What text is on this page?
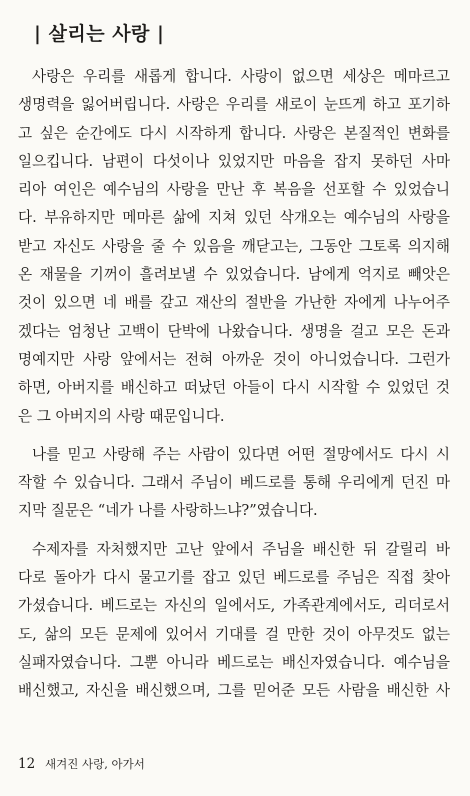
| 살리는 사랑 |
사랑은 우리를 새롭게 합니다. 사랑이 없으면 세상은 메마르고
생명력을 잃어버립니다. 사랑은 우리를 새로이 눈뜨게 하고 포기하
고 싶은 순간에도 다시 시작하게 합니다. 사랑은 본질적인 변화를
일으킵니다. 남편이 다섯이나 있었지만 마음을 잡지 못하던 사마
리아 여인은 예수님의 사랑을 만난 후 복음을 선포할 수 있었습니
다. 부유하지만 메마른 삶에 지쳐 있던 삭개오는 예수님의 사랑을
받고 자신도 사랑을 줄 수 있음을 깨닫고는, 그동안 그토록 의지해
온 재물을 기꺼이 흘려보낼 수 있었습니다. 남에게 억지로 빼앗은
것이 있으면 네 배를 갚고 재산의 절반을 가난한 자에게 나누어주
겠다는 엄청난 고백이 단박에 나왔습니다. 생명을 걸고 모은 돈과
명예지만 사랑 앞에서는 전혀 아까운 것이 아니었습니다. 그런가
하면, 아버지를 배신하고 떠났던 아들이 다시 시작할 수 있었던 것
은 그 아버지의 사랑 때문입니다.
나를 믿고 사랑해 주는 사람이 있다면 어떤 절망에서도 다시 시
작할 수 있습니다. 그래서 주님이 베드로를 통해 우리에게 던진 마
지막 질문은 “네가 나를 사랑하느냐?”였습니다.
수제자를 자처했지만 고난 앞에서 주님을 배신한 뒤 갈릴리 바
다로 돌아가 다시 물고기를 잡고 있던 베드로를 주님은 직접 찾아
가셨습니다. 베드로는 자신의 일에서도, 가족관계에서도, 리더로서
도, 삶의 모든 문제에 있어서 기대를 걸 만한 것이 아무것도 없는
실패자였습니다. 그뿐 아니라 베드로는 배신자였습니다. 예수님을
배신했고, 자신을 배신했으며, 그를 믿어준 모든 사람을 배신한 사
12 새겨진 사랑, 아가서
